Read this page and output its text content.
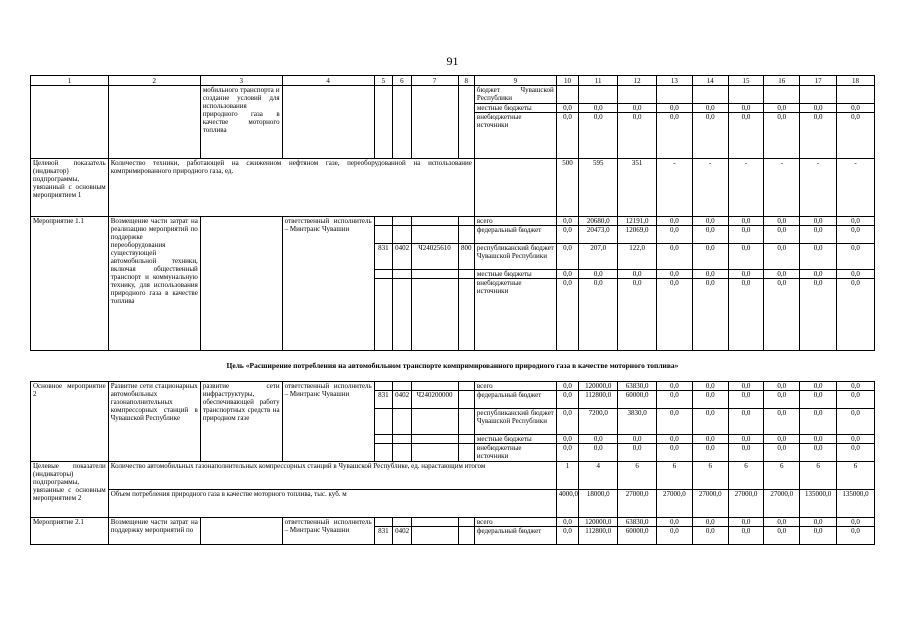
91
1	2	3	4	5	6	7	8	9	10	11	12	13	14	15	16	17	18
		мобильного транспорта и создание условий для использования природного газа в качестве моторного топлива						бюджет Чувашской Республики									
								местные бюджеты	0,0	0,0	0,0	0,0	0,0	0,0	0,0	0,0	0,0
								внебюджетные источники	0,0	0,0	0,0	0,0	0,0	0,0	0,0	0,0	0,0
Целевой показатель (индикатор) подпрограммы, увязанный с основным мероприятием 1	Количество техники, работающей на сжиженном нефтяном газе, переоборудованной на использование компримированного природного газа, ед.								500	595	351	-	-	-	-	-	-
Мероприятие 1.1	Возмещение части затрат на реализацию мероприятий по поддержке переоборудования существующей автомобильной техники, включая общественный транспорт и коммунальную технику, для использования природного газа в качестве топлива		ответственный исполнитель – Минтранс Чувашии					всего	0,0	20680,0	12191,0	0,0	0,0	0,0	0,0	0,0	0,0
								федеральный бюджет	0,0	20473,0	12069,0	0,0	0,0	0,0	0,0	0,0	0,0
				831	0402	Ч24025610	800	республиканский бюджет Чувашской Республики	0,0	207,0	122,0	0,0	0,0	0,0	0,0	0,0	0,0
								местные бюджеты	0,0	0,0	0,0	0,0	0,0	0,0	0,0	0,0	0,0
								внебюджетные источники	0,0	0,0	0,0	0,0	0,0	0,0	0,0	0,0	0,0
Цель «Расширение потребления на автомобильном транспорте компримированного природного газа в качестве моторного топлива»																	
Основное мероприятие 2	Развитие сети стационарных автомобильных газонаполнительных компрессорных станций в Чувашской Республике	развитие сети инфраструктуры, обеспечивающей работу транспортных средств на природном газе	ответственный исполнитель – Минтранс Чувашии					всего	0,0	120000,0	63830,0	0,0	0,0	0,0	0,0	0,0	0,0
				831	0402	Ч240200000		федеральный бюджет	0,0	112800,0	60000,0	0,0	0,0	0,0	0,0	0,0	0,0
								республиканский бюджет Чувашской Республики	0,0	7200,0	3830,0	0,0	0,0	0,0	0,0	0,0	0,0
								местные бюджеты	0,0	0,0	0,0	0,0	0,0	0,0	0,0	0,0	0,0
								внебюджетные источники	0,0	0,0	0,0	0,0	0,0	0,0	0,0	0,0	0,0
Целевые показатели (индикаторы) подпрограммы, увязанные с основным мероприятием 2	Количество автомобильных газонаполнительных компрессорных станций в Чувашской Республике, ед. нарастающим итогом								1	4	6	6	6	6	6	6	6
	Объем потребления природного газа в качестве моторного топлива, тыс. куб. м								4000,0	18000,0	27000,0	27000,0	27000,0	27000,0	27000,0	135000,0	135000,0
Мероприятие 2.1	Возмещение части затрат на поддержку мероприятий по		ответственный исполнитель – Минтранс Чувашии					всего	0,0	120000,0	63830,0	0,0	0,0	0,0	0,0	0,0	0,0
				831	0402			федеральный бюджет	0,0	112800,0	60000,0	0,0	0,0	0,0	0,0	0,0	0,0
